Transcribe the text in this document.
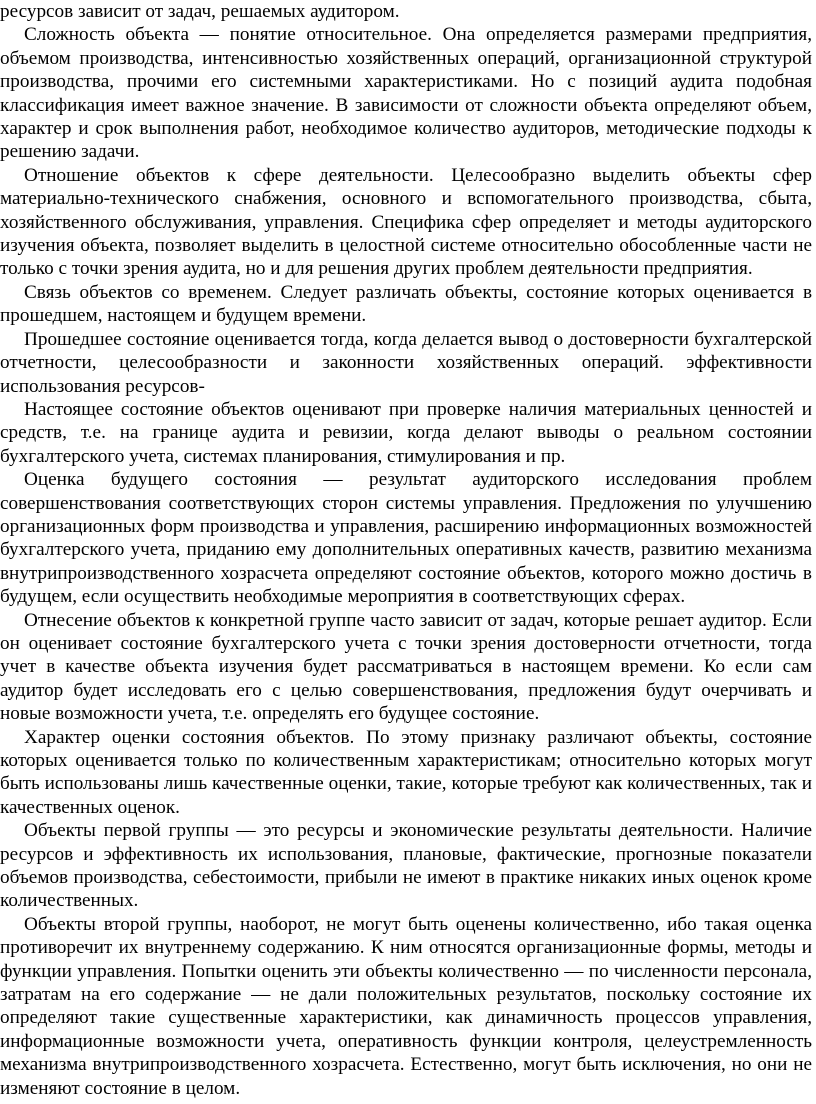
ресурсов зависит от задач, решаемых аудитором.

Сложность объекта — понятие относительное. Она определяется размерами предприятия, объемом производства, интенсивностью хозяйственных операций, организационной структурой производства, прочими его системными характеристиками. Но с позиций аудита подобная классификация имеет важное значение. В зависимости от сложности объекта определяют объем, характер и срок выполнения работ, необходимое количество аудиторов, методические подходы к решению задачи.

Отношение объектов к сфере деятельности. Целесообразно выделить объекты сфер материально-технического снабжения, основного и вспомогательного производства, сбыта, хозяйственного обслуживания, управления. Специфика сфер определяет и методы аудиторского изучения объекта, позволяет выделить в целостной системе относительно обособленные части не только с точки зрения аудита, но и для решения других проблем деятельности предприятия.

Связь объектов со временем. Следует различать объекты, состояние которых оценивается в прошедшем, настоящем и будущем времени.

Прошедшее состояние оценивается тогда, когда делается вывод о достоверности бухгалтерской отчетности, целесообразности и законности хозяйственных операций. эффективности использования ресурсов-

Настоящее состояние объектов оценивают при проверке наличия материальных ценностей и средств, т.е. на границе аудита и ревизии, когда делают выводы о реальном состоянии бухгалтерского учета, системах планирования, стимулирования и пр.

Оценка будущего состояния — результат аудиторского исследования проблем совершенствования соответствующих сторон системы управления. Предложения по улучшению организационных форм производства и управления, расширению информационных возможностей бухгалтерского учета, приданию ему дополнительных оперативных качеств, развитию механизма внутрипроизводственного хозрасчета определяют состояние объектов, которого можно достичь в будущем, если осуществить необходимые мероприятия в соответствующих сферах.

Отнесение объектов к конкретной группе часто зависит от задач, которые решает аудитор. Если он оценивает состояние бухгалтерского учета с точки зрения достоверности отчетности, тогда учет в качестве объекта изучения будет рассматриваться в настоящем времени. Ко если сам аудитор будет исследовать его с целью совершенствования, предложения будут очерчивать и новые возможности учета, т.е. определять его будущее состояние.

Характер оценки состояния объектов. По этому признаку различают объекты, состояние которых оценивается только по количественным характеристикам; относительно которых могут быть использованы лишь качественные оценки, такие, которые требуют как количественных, так и качественных оценок.

Объекты первой группы — это ресурсы и экономические результаты деятельности. Наличие ресурсов и эффективность их использования, плановые, фактические, прогнозные показатели объемов производства, себестоимости, прибыли не имеют в практике никаких иных оценок кроме количественных.

Объекты второй группы, наоборот, не могут быть оценены количественно, ибо такая оценка противоречит их внутреннему содержанию. К ним относятся организационные формы, методы и функции управления. Попытки оценить эти объекты количественно — по численности персонала, затратам на его содержание — не дали положительных результатов, поскольку состояние их определяют такие существенные характеристики, как динамичность процессов управления, информационные возможности учета, оперативность функции контроля, целеустремленность механизма внутрипроизводственного хозрасчета. Естественно, могут быть исключения, но они не изменяют состояние в целом.
